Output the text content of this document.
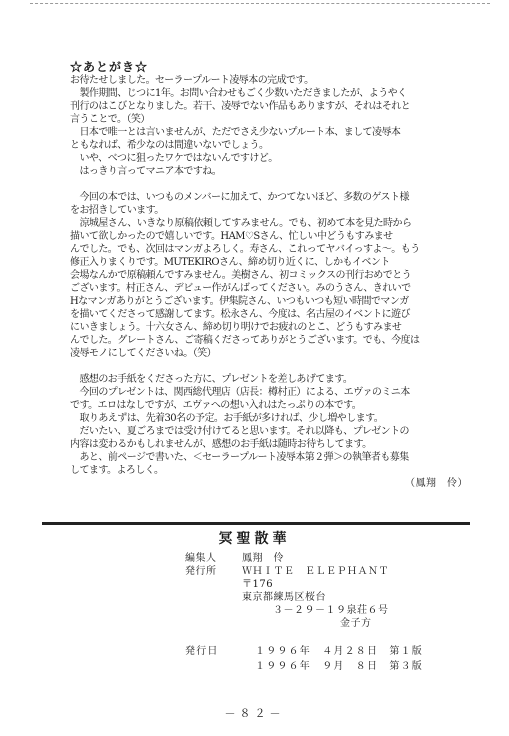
☆あとがき☆
お待たせしました。セーラープルート凌辱本の完成です。
　製作期間、じつに1年。お問い合わせもごく少数いただきましたが、ようやく
刊行のはこびとなりました。若干、凌辱でない作品もありますが、それはそれと
言うことで。（笑）
　日本で唯一とは言いませんが、ただでさえ少ないプルート本、まして凌辱本
ともなれば、希少なのは間違いないでしょう。
　いや、べつに狙ったワケではないんですけど。
　はっきり言ってマニア本ですね。
　今回の本では、いつものメンバーに加えて、かつてないほど、多数のゲスト様
をお招きしています。
　涼城屋さん、いきなり原稿依頼してすみません。でも、初めて本を見た時から
描いて欲しかったので嬉しいです。HAM♡Sさん、忙しい中どうもすみませ
んでした。でも、次回はマンガよろしく。寿さん、これってヤバイっすよ～。もう
修正入りまくりです。MUTEKIROさん、締め切り近くに、しかもイベント
会場なんかで原稿頼んですみません。美樹さん、初コミックスの刊行おめでとう
ございます。村正さん、デビュー作がんばってください。みのうさん、きれいで
Hなマンガありがとうございます。伊集院さん、いつもいつも短い時間でマンガ
を描いてくださって感謝してます。松永さん、今度は、名古屋のイベントに遊び
にいきましょう。十六女さん、締め切り明けでお疲れのとこ、どうもすみませ
んでした。グレートさん、ご寄稿くださってありがとうございます。でも、今度は
凌辱モノにしてくださいね。（笑）
　感想のお手紙をくださった方に、プレゼントを差しあげてます。
　今回のプレゼントは、関西総代理店（店長：樽村正）による、エヴァのミニ本
です。エロはなしですが、エヴァへの想い入れはたっぷりの本です。
　取りあえずは、先着30名の予定。お手紙が多ければ、少し増やします。
　だいたい、夏ごろまでは受け付けてると思います。それ以降も、プレゼントの
内容は変わるかもしれませんが、感想のお手紙は随時お待ちしてます。
　あと、前ページで書いた、＜セーラープルート凌辱本第２弾＞の執筆者も募集
してます。よろしく。
（鳳翔　伶）
冥聖散華
編集人	鳳翔　伶
発行所	ＷＨＩＴＥ　ＥＬＥＰＨＡＮＴ
〒176
東京都練馬区桜台
３－２９－１９泉荘６号
金子方
発行日	１９９６年　４月２８日　第１版
１９９６年　９月　８日　第３版
－８２－
